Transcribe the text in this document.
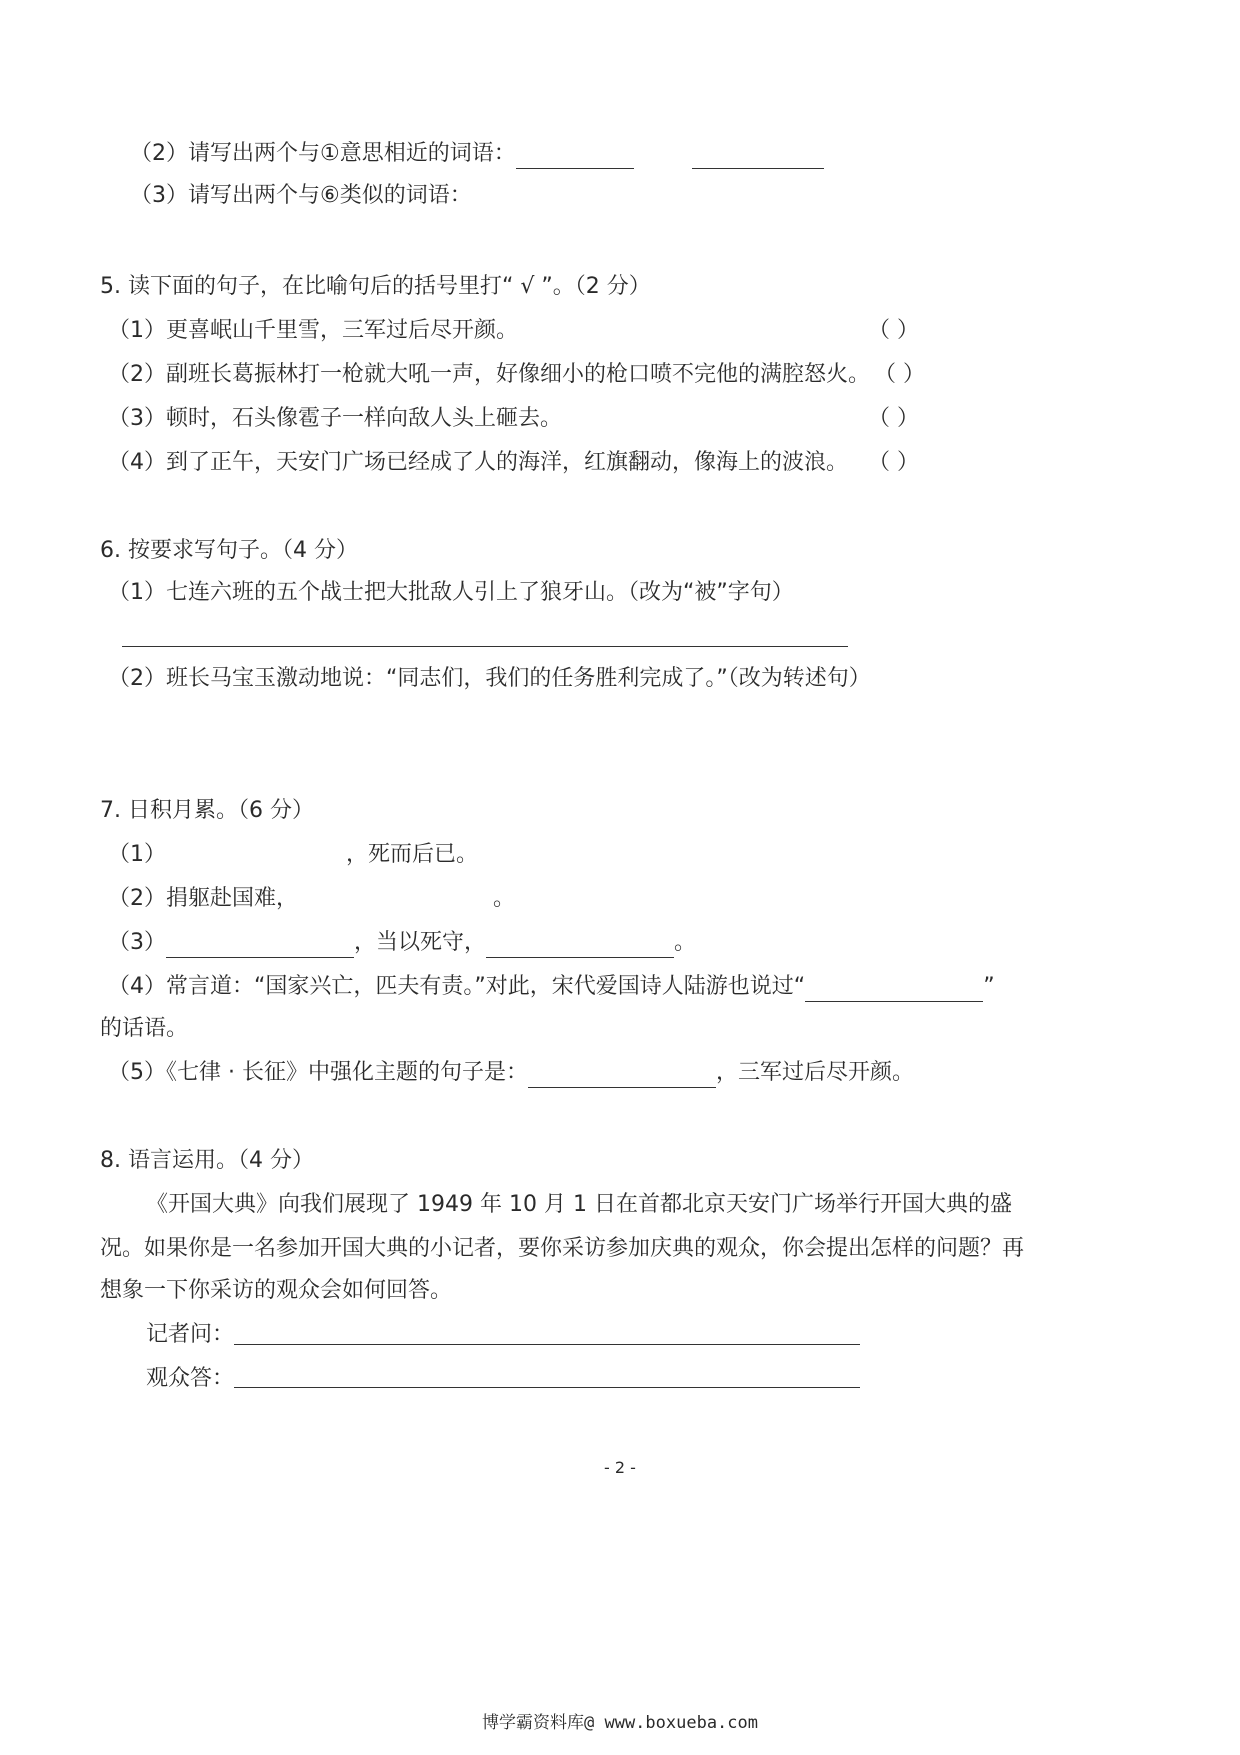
（2）请写出两个与①意思相近的词语：
（3）请写出两个与⑥类似的词语：
5. 读下面的句子，在比喻句后的括号里打“ √ ”。（2 分）
（1）更喜岷山千里雪，三军过后尽开颜。	（ ）
（2）副班长葛振林打一枪就大吼一声，好像细小的枪口喷不完他的满腔怒火。 （ ）
（3）顿时，石头像雹子一样向敌人头上砸去。	（ ）
（4）到了正午，天安门广场已经成了人的海洋，红旗翻动，像海上的波浪。 （ ）
6. 按要求写句子。（4 分）
（1）七连六班的五个战士把大批敌人引上了狼牙山。（改为“被”字句）
（2）班长马宝玉激动地说：“同志们，我们的任务胜利完成了。”（改为转述句）
7. 日积月累。（6 分）
（1）	，死而后已。
（2）捐躯赴国难，	。
（3）	，当以死守，	。
（4）常言道：“国家兴亡，匹夫有责。”对此，宋代爱国诗人陆游也说过“	”
的话语。
（5）《七律 · 长征》中强化主题的句子是：	，三军过后尽开颜。
8. 语言运用。（4 分）
《开国大典》向我们展现了 1949 年 10 月 1 日在首都北京天安门广场举行开国大典的盛
况。如果你是一名参加开国大典的小记者，要你采访参加庆典的观众，你会提出怎样的问题？再
想象一下你采访的观众会如何回答。
记者问：
观众答：
- 2 -
博学霸资料库@ www.boxueba.com
